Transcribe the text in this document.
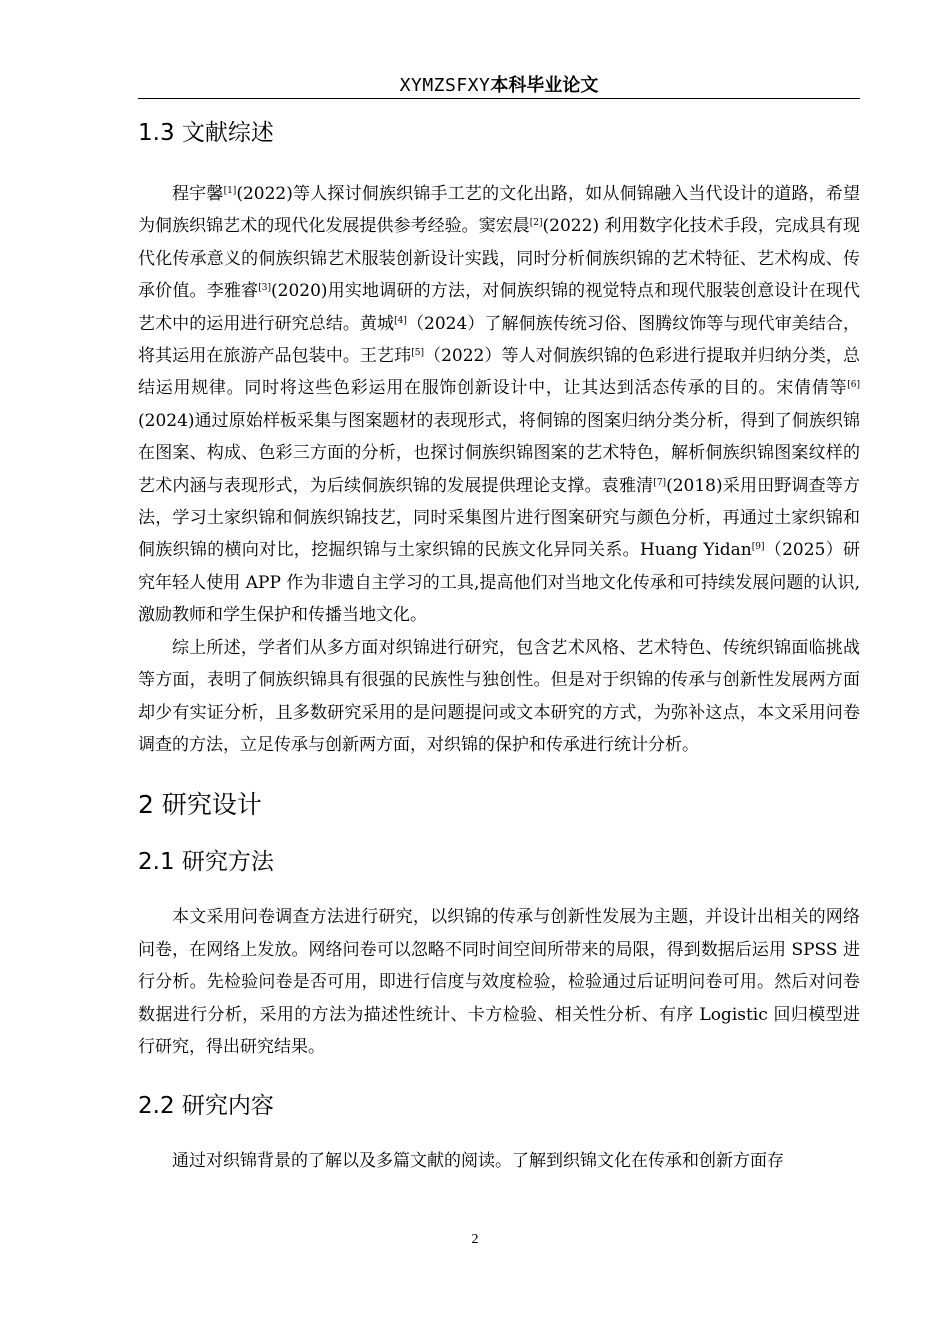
XYMZSFXY本科毕业论文
1.3 文献综述

程宇馨[1](2022)等人探讨侗族织锦手工艺的文化出路，如从侗锦融入当代设计的道路，希望为侗族织锦艺术的现代化发展提供参考经验。窦宏晨[2](2022) 利用数字化技术手段，完成具有现代化传承意义的侗族织锦艺术服装创新设计实践，同时分析侗族织锦的艺术特征、艺术构成、传承价值。李雅睿[3](2020)用实地调研的方法，对侗族织锦的视觉特点和现代服装创意设计在现代艺术中的运用进行研究总结。黄城[4]（2024）了解侗族传统习俗、图腾纹饰等与现代审美结合，将其运用在旅游产品包装中。王艺玮[5]（2022）等人对侗族织锦的色彩进行提取并归纳分类，总结运用规律。同时将这些色彩运用在服饰创新设计中，让其达到活态传承的目的。宋倩倩等[6](2024)通过原始样板采集与图案题材的表现形式，将侗锦的图案归纳分类分析，得到了侗族织锦在图案、构成、色彩三方面的分析，也探讨侗族织锦图案的艺术特色，解析侗族织锦图案纹样的艺术内涵与表现形式，为后续侗族织锦的发展提供理论支撑。袁雅清[7](2018)采用田野调查等方法，学习土家织锦和侗族织锦技艺，同时采集图片进行图案研究与颜色分析，再通过土家织锦和侗族织锦的横向对比，挖掘织锦与土家织锦的民族文化异同关系。Huang Yidan[9]（2025）研究年轻人使用 APP 作为非遗自主学习的工具,提高他们对当地文化传承和可持续发展问题的认识,激励教师和学生保护和传播当地文化。

综上所述，学者们从多方面对织锦进行研究，包含艺术风格、艺术特色、传统织锦面临挑战等方面，表明了侗族织锦具有很强的民族性与独创性。但是对于织锦的传承与创新性发展两方面却少有实证分析，且多数研究采用的是问题提问或文本研究的方式，为弥补这点，本文采用问卷调查的方法，立足传承与创新两方面，对织锦的保护和传承进行统计分析。

2 研究设计
2.1 研究方法

本文采用问卷调查方法进行研究，以织锦的传承与创新性发展为主题，并设计出相关的网络问卷，在网络上发放。网络问卷可以忽略不同时间空间所带来的局限，得到数据后运用 SPSS 进行分析。先检验问卷是否可用，即进行信度与效度检验，检验通过后证明问卷可用。然后对问卷数据进行分析，采用的方法为描述性统计、卡方检验、相关性分析、有序 Logistic 回归模型进行研究，得出研究结果。

2.2 研究内容

通过对织锦背景的了解以及多篇文献的阅读。了解到织锦文化在传承和创新方面存

2
